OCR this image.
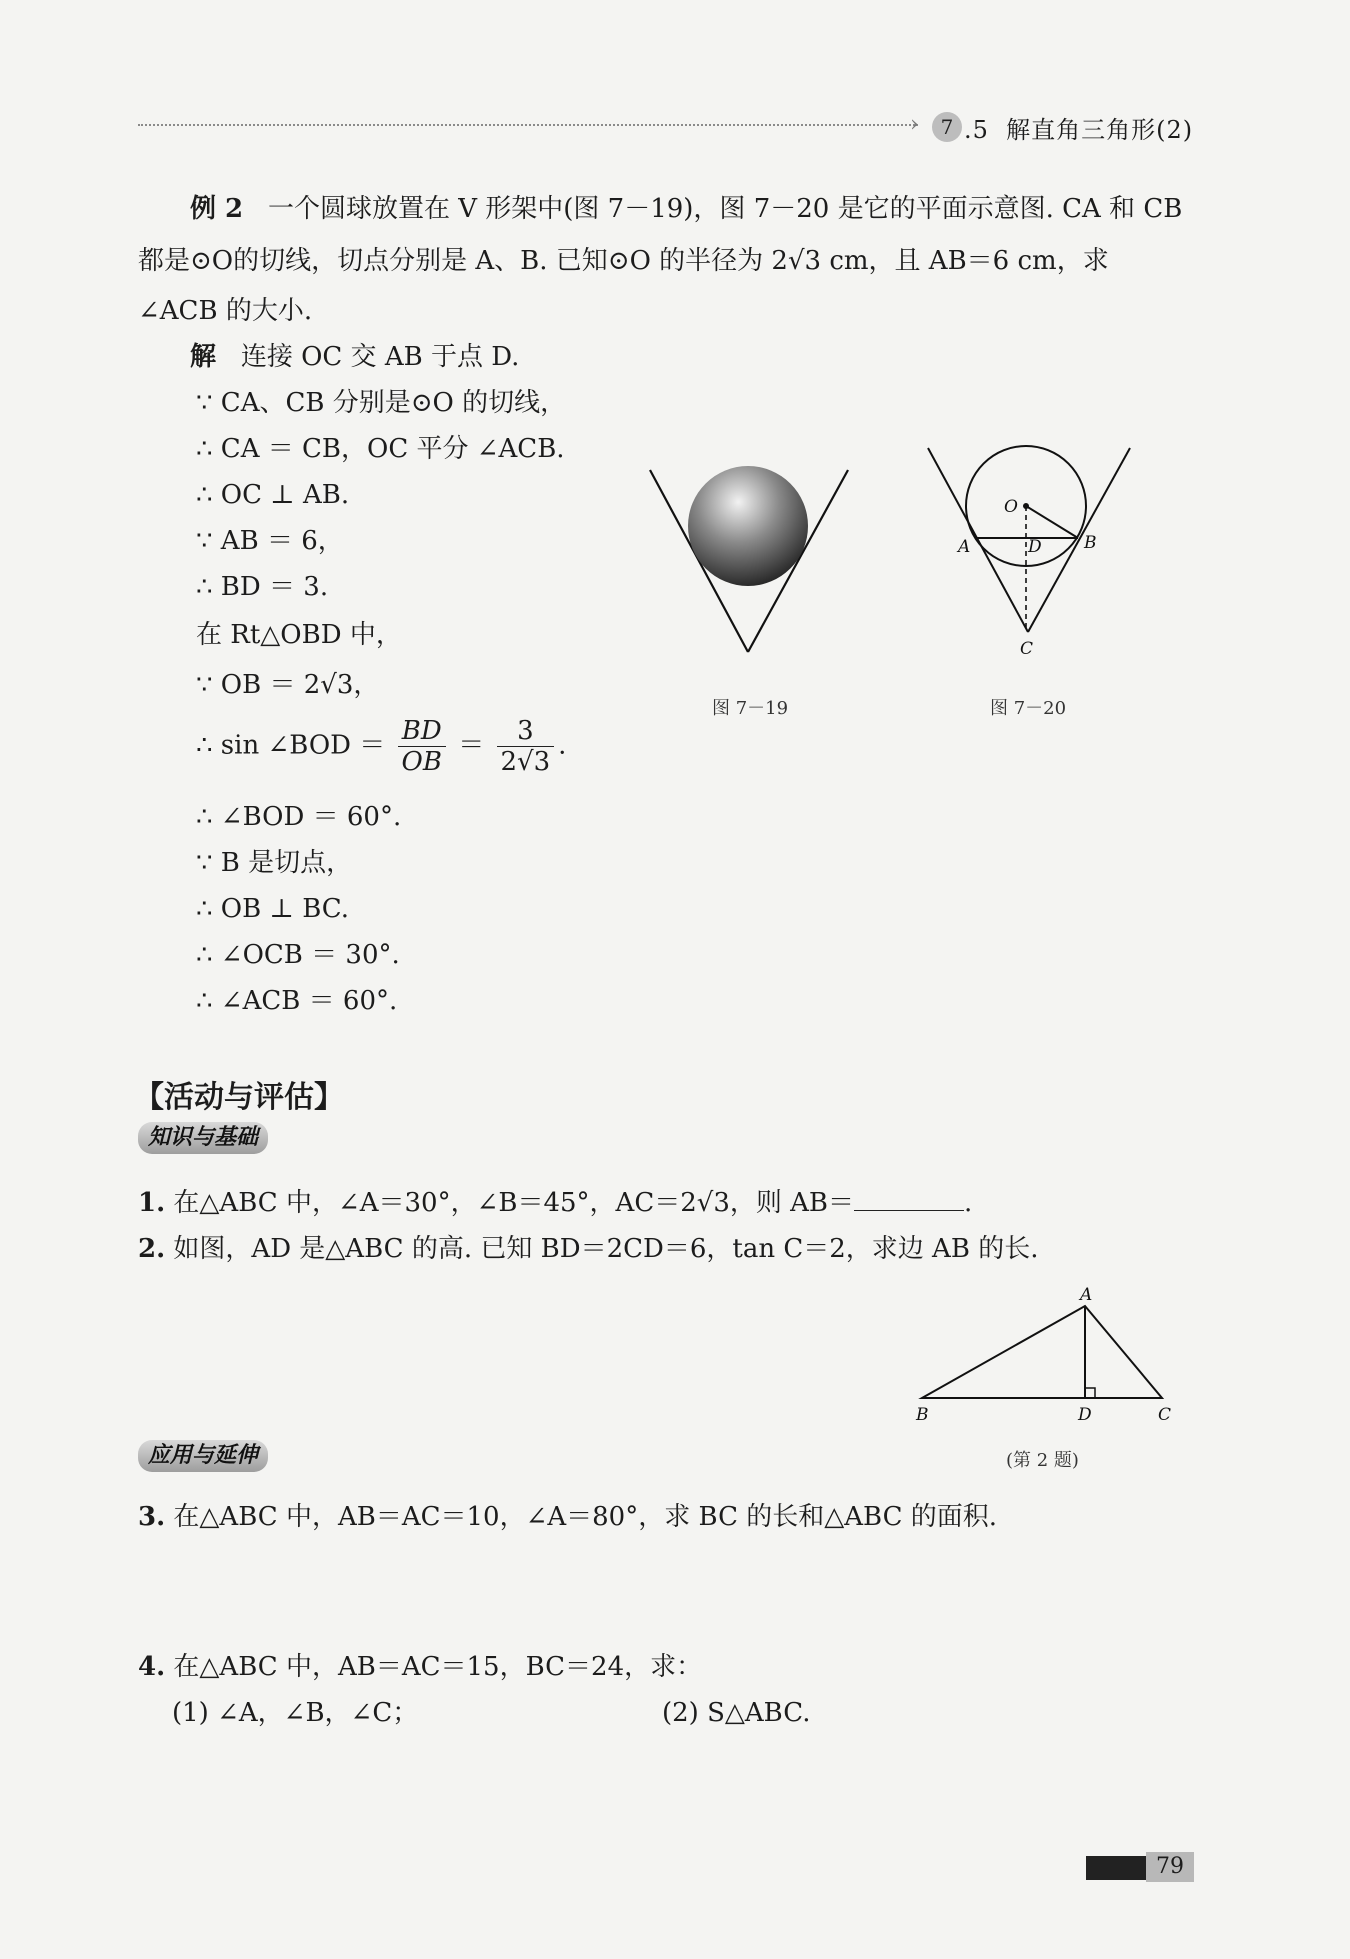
›	7 .5  解直角三角形(2)
例 2 一个圆球放置在 V 形架中(图 7－19)，图 7－20 是它的平面示意图. CA 和 CB
都是⊙O的切线，切点分别是 A、B. 已知⊙O 的半径为 2√3 cm，且 AB＝6 cm，求
∠ACB 的大小.
解 连接 OC 交 AB 于点 D.
∵ CA、CB 分别是⊙O 的切线，
∴ CA ＝ CB，OC 平分 ∠ACB.
∴ OC ⊥ AB.
∵ AB ＝ 6，
∴ BD ＝ 3.
在 Rt△OBD 中，
∵ OB ＝ 2√3，
∴ sin ∠BOD ＝ $\frac{BD}{OB} = \frac{3}{2√3}$ .
∴ ∠BOD ＝ 60°.
∵ B 是切点，
∴ OB ⊥ BC.
∴ ∠OCB ＝ 30°.
∴ ∠ACB ＝ 60°.
图 7－19
O
A	B
D
C
图 7－20
【活动与评估】
知识与基础
1. 在△ABC 中，∠A＝30°，∠B＝45°，AC＝2√3，则 AB＝	.
2. 如图，AD 是△ABC 的高. 已知 BD＝2CD＝6，tan C＝2，求边 AB 的长.
A
B	D	C
(第 2 题)
应用与延伸
3. 在△ABC 中，AB＝AC＝10，∠A＝80°，求 BC 的长和△ABC 的面积.
4. 在△ABC 中，AB＝AC＝15，BC＝24，求：
(1) ∠A，∠B，∠C；	(2) S△ABC.
79
